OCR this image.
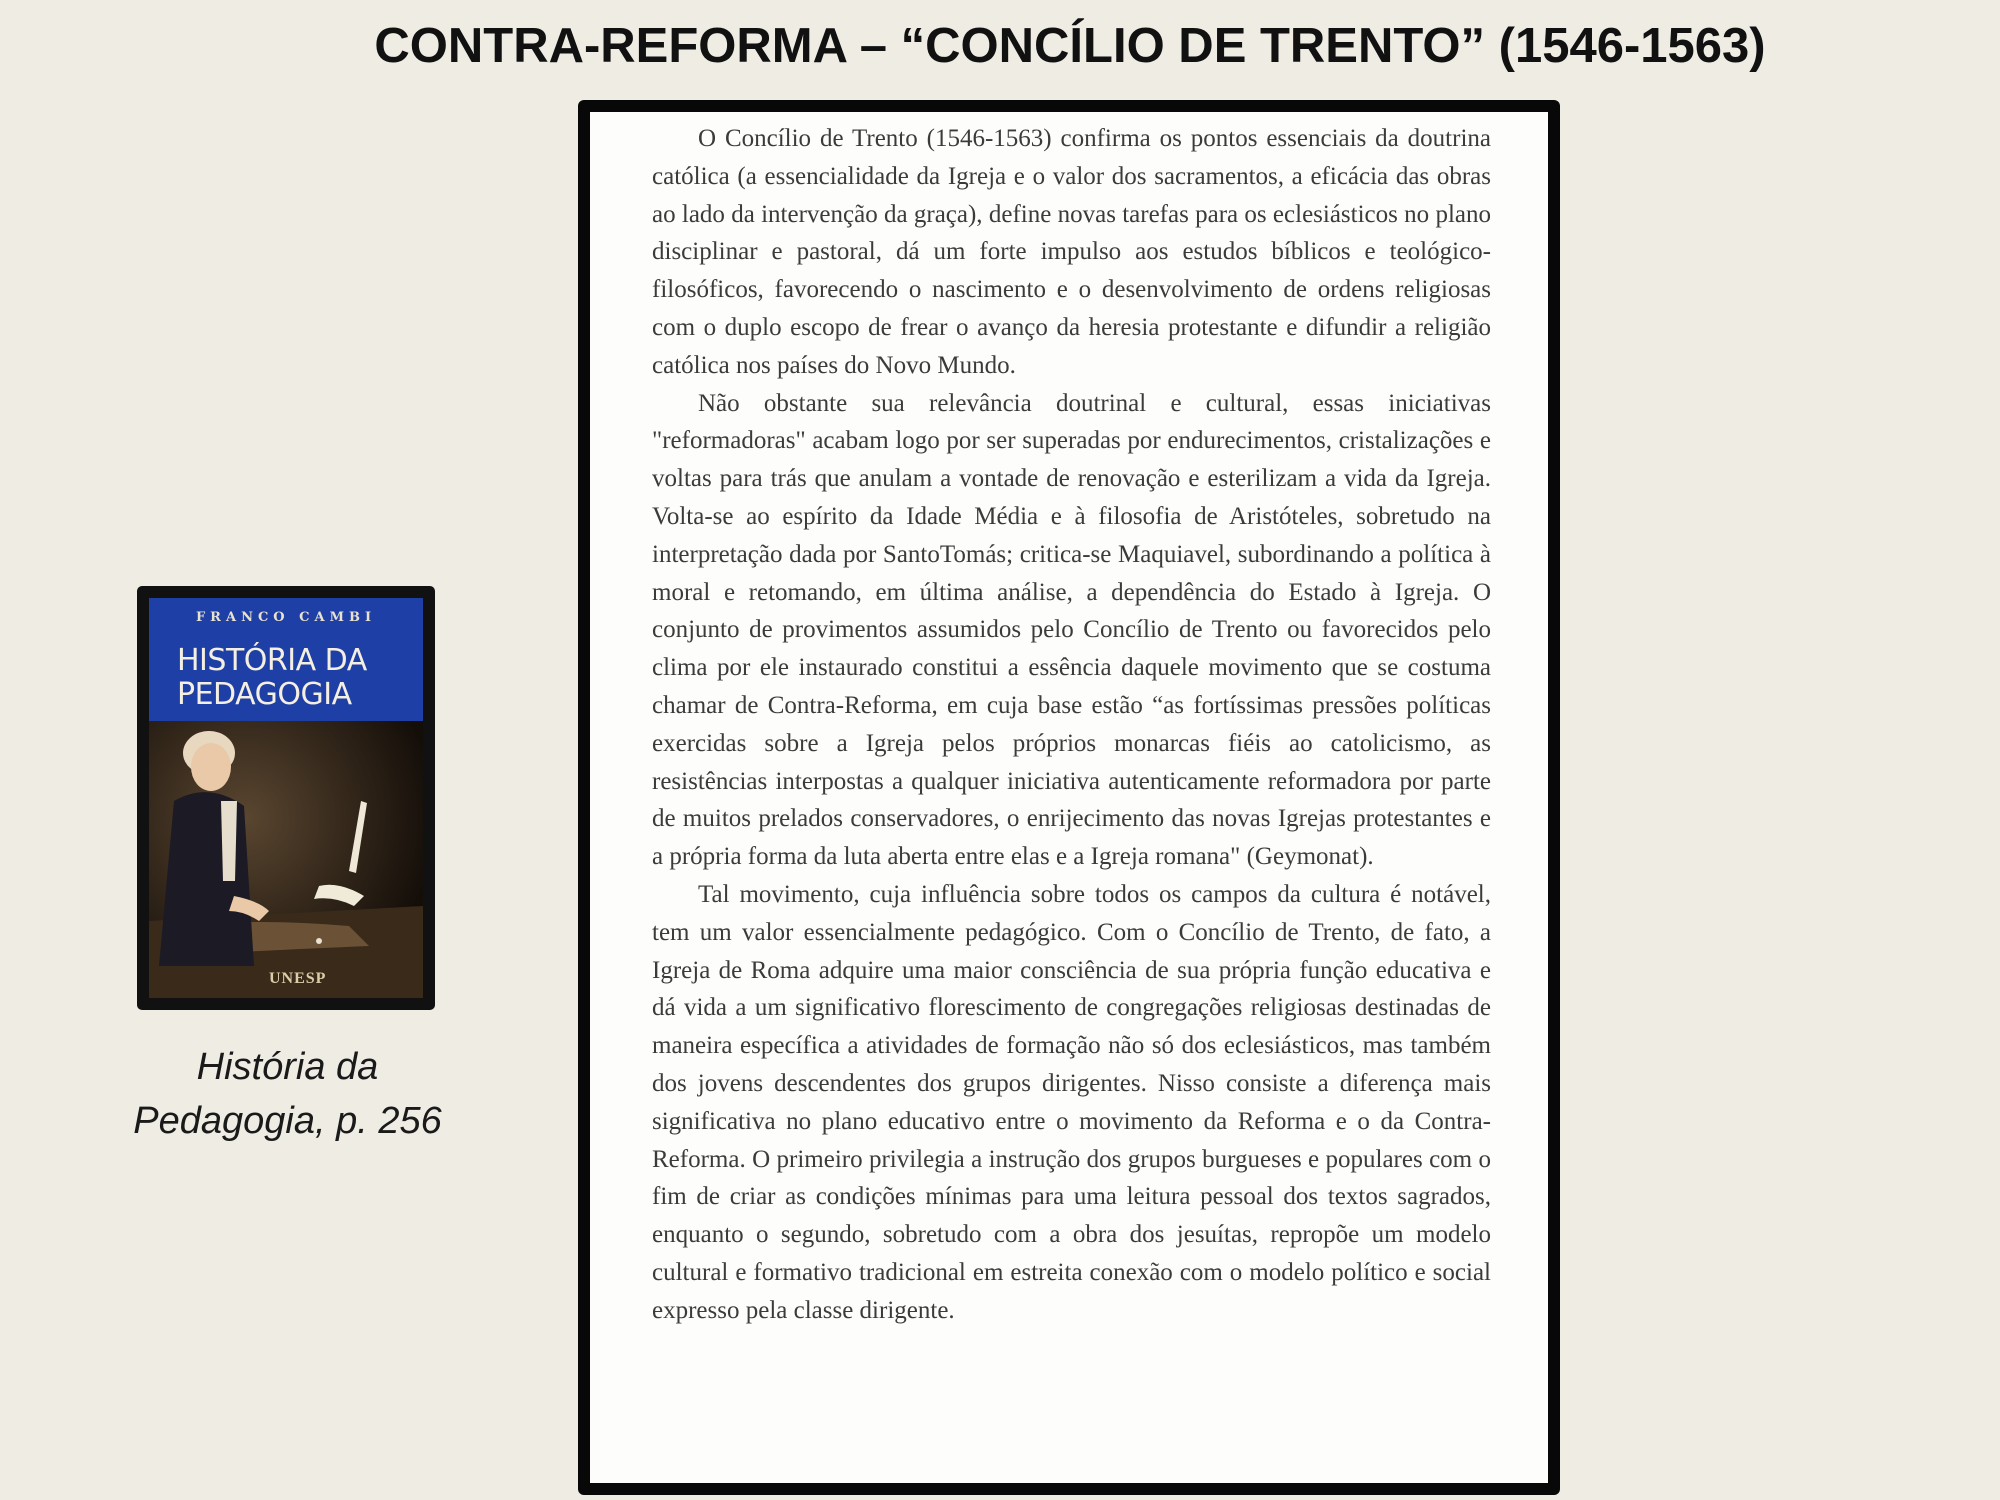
CONTRA-REFORMA – “CONCÍLIO DE TRENTO” (1546-1563)
FRANCO CAMBI
HISTÓRIA DA
PEDAGOGIA
UNESP
História da
Pedagogia, p. 256

O Concílio de Trento (1546-1563) confirma os pontos essenciais da doutrina católica (a essencialidade da Igreja e o valor dos sacramentos, a eficácia das obras ao lado da intervenção da graça), define novas tarefas para os eclesiásticos no plano disciplinar e pastoral, dá um forte impulso aos estudos bíblicos e teológico-filosóficos, favorecendo o nascimento e o desenvolvimento de ordens religiosas com o duplo escopo de frear o avanço da heresia protestante e difundir a religião católica nos países do Novo Mundo.

Não obstante sua relevância doutrinal e cultural, essas iniciativas "reformadoras" acabam logo por ser superadas por endurecimentos, cristalizações e voltas para trás que anulam a vontade de renovação e esterilizam a vida da Igreja. Volta-se ao espírito da Idade Média e à filosofia de Aristóteles, sobretudo na interpretação dada por SantoTomás; critica-se Maquiavel, subordinando a política à moral e retomando, em última análise, a dependência do Estado à Igreja. O conjunto de provimentos assumidos pelo Concílio de Trento ou favorecidos pelo clima por ele instaurado constitui a essência daquele movimento que se costuma chamar de Contra-Reforma, em cuja base estão “as fortíssimas pressões políticas exercidas sobre a Igreja pelos próprios monarcas fiéis ao catolicismo, as resistências interpostas a qualquer iniciativa autenticamente reformadora por parte de muitos prelados conservadores, o enrijecimento das novas Igrejas protestantes e a própria forma da luta aberta entre elas e a Igreja romana" (Geymonat).

Tal movimento, cuja influência sobre todos os campos da cultura é notável, tem um valor essencialmente pedagógico. Com o Concílio de Trento, de fato, a Igreja de Roma adquire uma maior consciência de sua própria função educativa e dá vida a um significativo florescimento de congregações religiosas destinadas de maneira específica a atividades de formação não só dos eclesiásticos, mas também dos jovens descendentes dos grupos dirigentes. Nisso consiste a diferença mais significativa no plano educativo entre o movimento da Reforma e o da Contra-Reforma. O primeiro privilegia a instrução dos grupos burgueses e populares com o fim de criar as condições mínimas para uma leitura pessoal dos textos sagrados, enquanto o segundo, sobretudo com a obra dos jesuítas, repropõe um modelo cultural e formativo tradicional em estreita conexão com o modelo político e social expresso pela classe dirigente.
